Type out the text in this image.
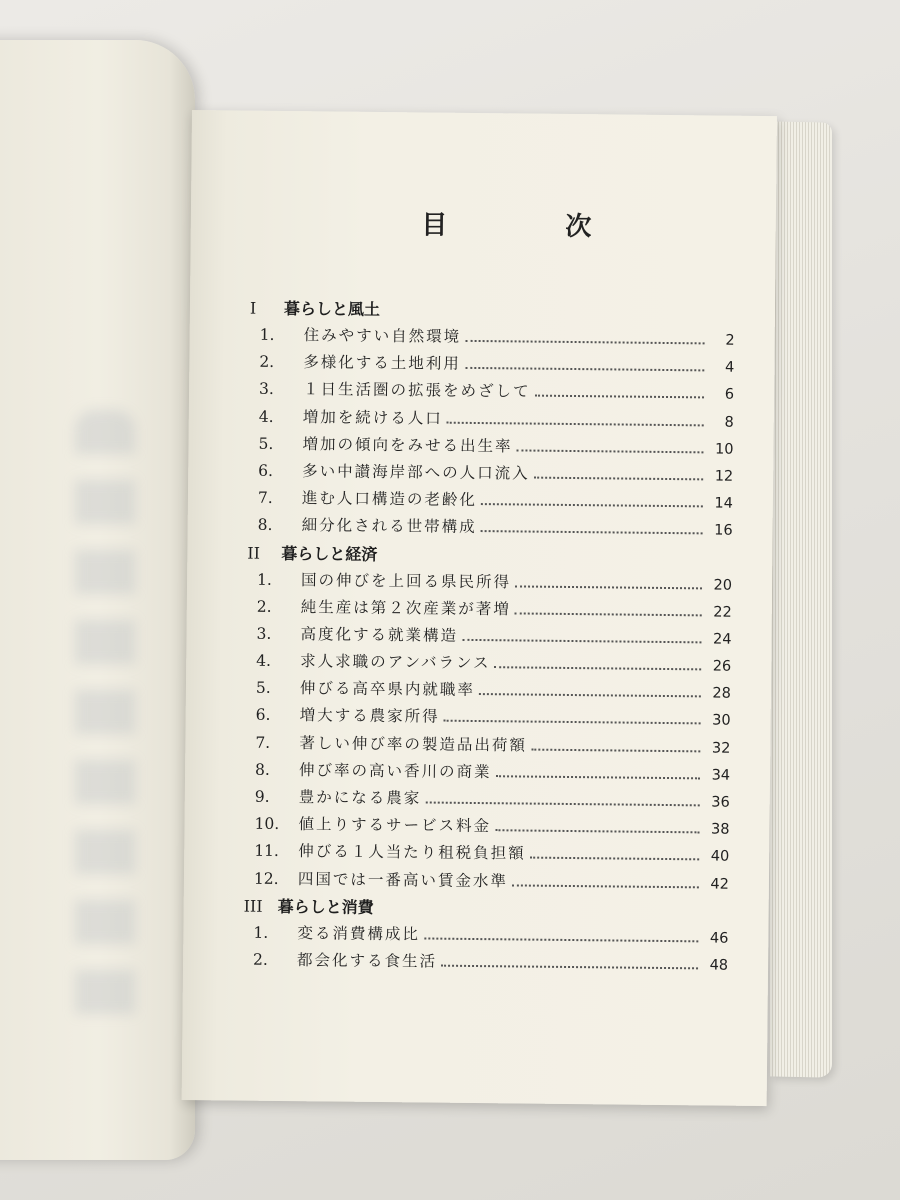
目　次
I 暮らしと風土
1.	住みやすい自然環境	2
2.	多様化する土地利用	4
3.	１日生活圏の拡張をめざして	6
4.	増加を続ける人口	8
5.	増加の傾向をみせる出生率	10
6.	多い中讃海岸部への人口流入	12
7.	進む人口構造の老齢化	14
8.	細分化される世帯構成	16
II 暮らしと経済
1.	国の伸びを上回る県民所得	20
2.	純生産は第２次産業が著増	22
3.	高度化する就業構造	24
4.	求人求職のアンバランス	26
5.	伸びる高卒県内就職率	28
6.	増大する農家所得	30
7.	著しい伸び率の製造品出荷額	32
8.	伸び率の高い香川の商業	34
9.	豊かになる農家	36
10.	値上りするサービス料金	38
11.	伸びる１人当たり租税負担額	40
12.	四国では一番高い賃金水準	42
III 暮らしと消費
1.	変る消費構成比	46
2.	都会化する食生活	48
